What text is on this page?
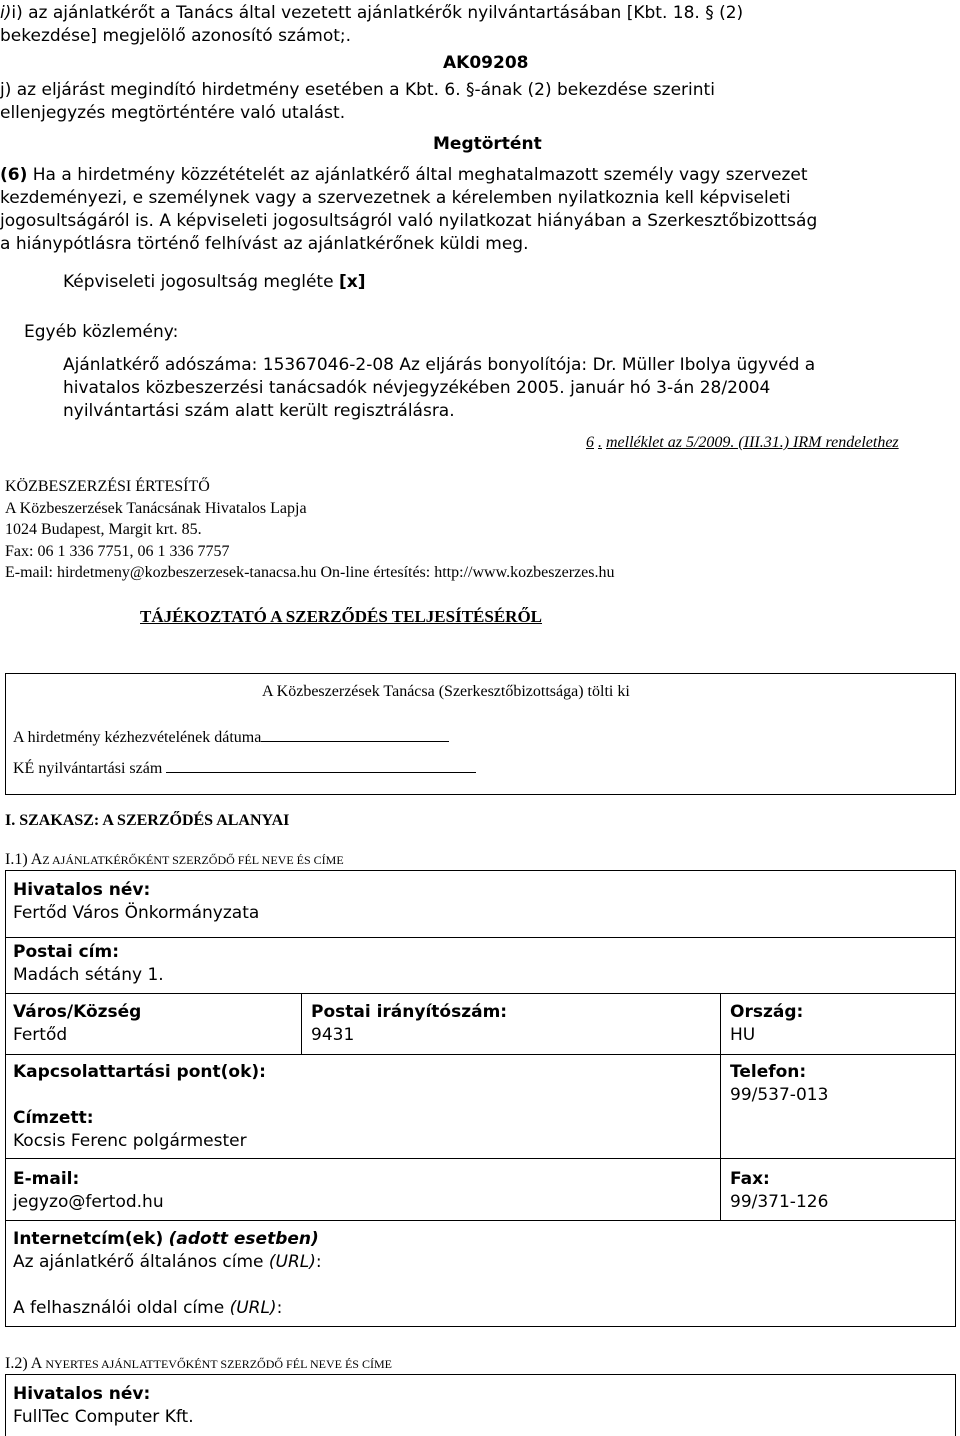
i)i) az ajánlatkérőt a Tanács által vezetett ajánlatkérők nyilvántartásában [Kbt. 18. § (2)
bekezdése] megjelölő azonosító számot;.
AK09208
j) az eljárást megindító hirdetmény esetében a Kbt. 6. §-ának (2) bekezdése szerinti
ellenjegyzés megtörténtére való utalást.
Megtörtént
(6) Ha a hirdetmény közzétételét az ajánlatkérő által meghatalmazott személy vagy szervezet
kezdeményezi, e személynek vagy a szervezetnek a kérelemben nyilatkoznia kell képviseleti
jogosultságáról is. A képviseleti jogosultságról való nyilatkozat hiányában a Szerkesztőbizottság
a hiánypótlásra történő felhívást az ajánlatkérőnek küldi meg.
Képviseleti jogosultság megléte [x]
Egyéb közlemény:
Ajánlatkérő adószáma: 15367046-2-08 Az eljárás bonyolítója: Dr. Müller Ibolya ügyvéd a
hivatalos közbeszerzési tanácsadók névjegyzékében 2005. január hó 3-án 28/2004
nyilvántartási szám alatt került regisztrálásra.
6 . melléklet az 5/2009. (III.31.) IRM rendelethez
KÖZBESZERZÉSI ÉRTESÍTŐ
A Közbeszerzések Tanácsának Hivatalos Lapja
1024 Budapest, Margit krt. 85.
Fax: 06 1 336 7751, 06 1 336 7757
E-mail: hirdetmeny@kozbeszerzesek-tanacsa.hu On-line értesítés: http://www.kozbeszerzes.hu
TÁJÉKOZTATÓ A SZERZŐDÉS TELJESÍTÉSÉRŐL
A Közbeszerzések Tanácsa (Szerkesztőbizottsága) tölti ki
A hirdetmény kézhezvételének dátuma
KÉ nyilvántartási szám
I. SZAKASZ: A SZERZŐDÉS ALANYAI
I.1) AZ AJÁNLATKÉRŐKÉNT SZERZŐDŐ FÉL NEVE ÉS CÍME
Hivatalos név:
Fertőd Város Önkormányzata
Postai cím:
Madách sétány 1.
Város/Község
Fertőd
Postai irányítószám:
9431
Ország:
HU
Kapcsolattartási pont(ok):	Telefon:
99/537-013
Címzett:
Kocsis Ferenc polgármester
E-mail:
jegyzo@fertod.hu
Fax:
99/371-126
Internetcím(ek) (adott esetben)
Az ajánlatkérő általános címe (URL):
A felhasználói oldal címe (URL):
I.2) A NYERTES AJÁNLATTEVŐKÉNT SZERZŐDŐ FÉL NEVE ÉS CÍME
Hivatalos név:
FullTec Computer Kft.
